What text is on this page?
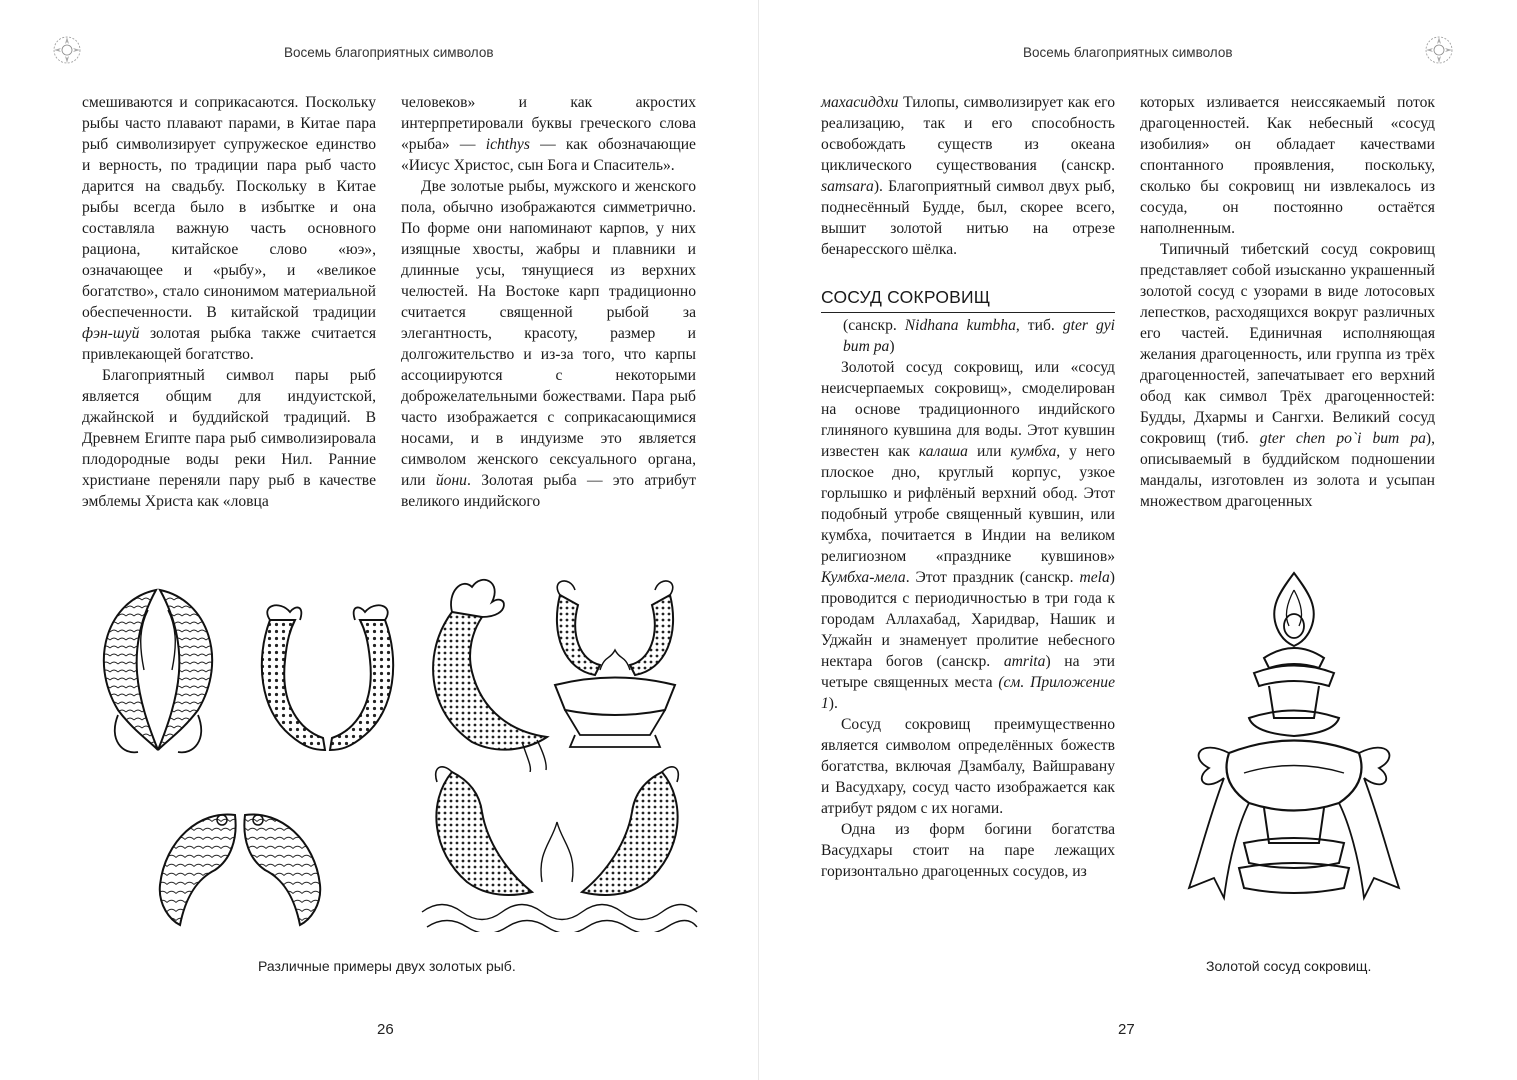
Восемь благоприятных символов

смешиваются и соприкасаются. Поскольку рыбы часто плавают парами, в Китае пара рыб символизирует супружеское единство и верность, по традиции пара рыб часто дарится на свадьбу. Поскольку в Китае рыбы всегда было в избытке и она составляла важную часть основного рациона, китайское слово «юэ», означающее и «рыбу», и «великое богатство», стало синонимом материальной обеспеченности. В китайской традиции фэн-шуй золотая рыбка также считается привлекающей богатство.

Благоприятный символ пары рыб является общим для индуистской, джайнской и буддийской традиций. В Древнем Египте пара рыб символизировала плодородные воды реки Нил. Ранние христиане переняли пару рыб в качестве эмблемы Христа как «ловца

человеков» и как акростих интерпретировали буквы греческого слова «рыба» — ichthys — как обозначающие «Иисус Христос, сын Бога и Спаситель».

Две золотые рыбы, мужского и женского пола, обычно изображаются симметрично. По форме они напоминают карпов, у них изящные хвосты, жабры и плавники и длинные усы, тянущиеся из верхних челюстей. На Востоке карп традиционно считается священной рыбой за элегантность, красоту, размер и долгожительство и из-за того, что карпы ассоциируются с некоторыми доброжелательными божествами. Пара рыб часто изображается с соприкасающимися носами, и в индуизме это является символом женского сексуального органа, или йони. Золотая рыба — это атрибут великого индийского

Различные примеры двух золотых рыб.
26
Восемь благоприятных символов

махасиддхи Тилопы, символизирует как его реализацию, так и его способность освобождать существ из океана циклического существования (санскр. samsara). Благоприятный символ двух рыб, поднесённый Будде, был, скорее всего, вышит золотой нитью на отрезе бенаресского шёлка.

СОСУД СОКРОВИЩ

(санскр. Nidhana kumbha, тиб. gter gyi bum pa)

Золотой сосуд сокровищ, или «сосуд неисчерпаемых сокровищ», смоделирован на основе традиционного индийского глиняного кувшина для воды. Этот кувшин известен как калаша или кумбха, у него плоское дно, круглый корпус, узкое горлышко и рифлёный верхний обод. Этот подобный утробе священный кувшин, или кумбха, почитается в Индии на великом религиозном «празднике кувшинов» Кумбха-мела. Этот праздник (санскр. mela) проводится с периодичностью в три года к городам Аллахабад, Харидвар, Нашик и Уджайн и знаменует пролитие небесного нектара богов (санскр. amrita) на эти четыре священных места (см. Приложение 1).

Сосуд сокровищ преимущественно является символом определённых божеств богатства, включая Дзамбалу, Вайшравану и Васудхару, сосуд часто изображается как атрибут рядом с их ногами.

Одна из форм богини богатства Васудхары стоит на паре лежащих горизонтально драгоценных сосудов, из

которых изливается неиссякаемый поток драгоценностей. Как небесный «сосуд изобилия» он обладает качествами спонтанного проявления, поскольку, сколько бы сокровищ ни извлекалось из сосуда, он постоянно остаётся наполненным.

Типичный тибетский сосуд сокровищ представляет собой изысканно украшенный золотой сосуд с узорами в виде лотосовых лепестков, расходящихся вокруг различных его частей. Единичная исполняющая желания драгоценность, или группа из трёх драгоценностей, запечатывает его верхний обод как символ Трёх драгоценностей: Будды, Дхармы и Сангхи. Великий сосуд сокровищ (тиб. gter chen po`i bum pa), описываемый в буддийском подношении мандалы, изготовлен из золота и усыпан множеством драгоценных

Золотой сосуд сокровищ.
27
